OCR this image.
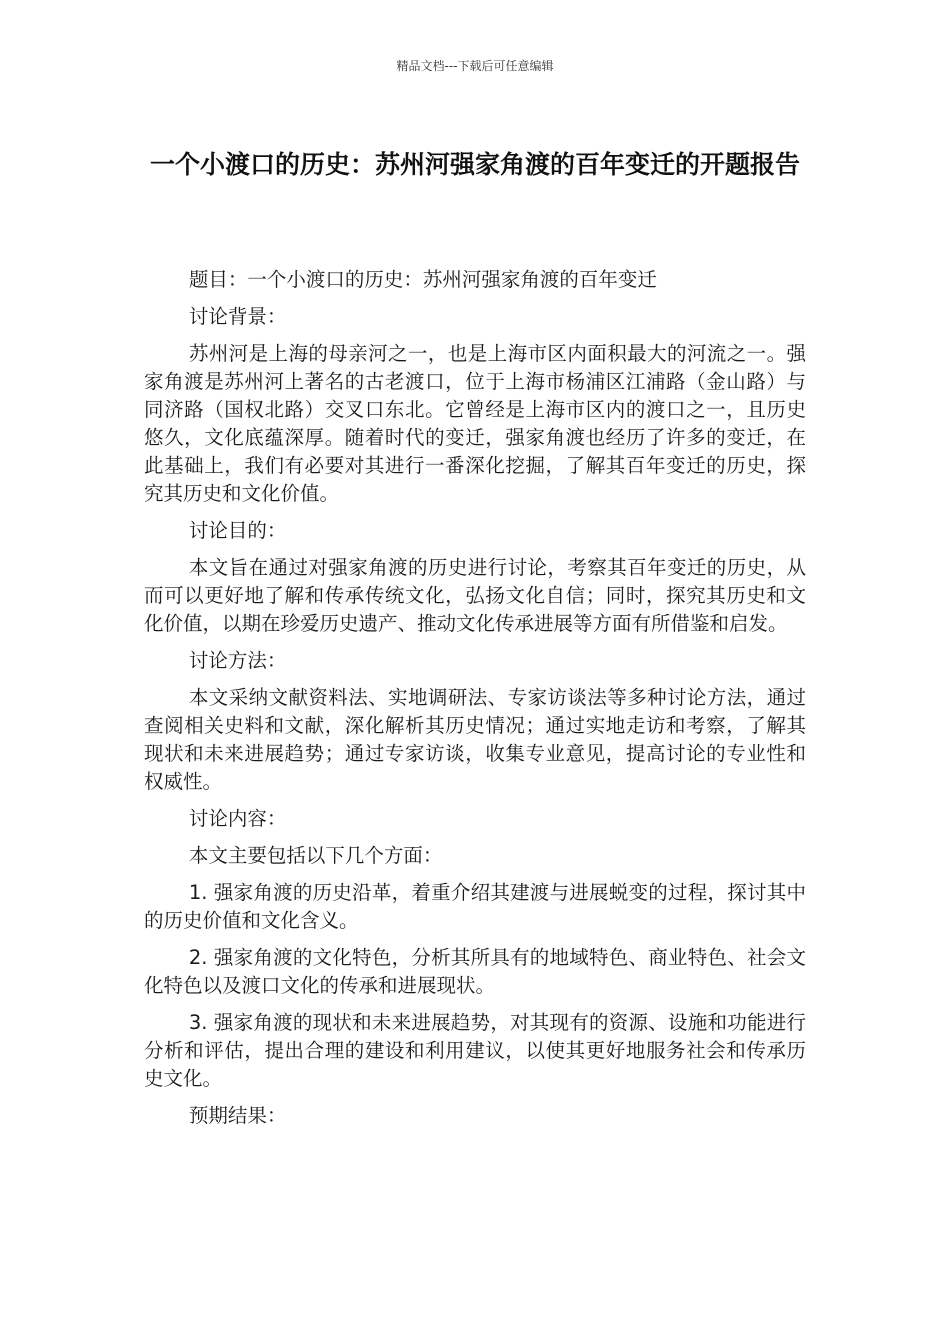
精品文档---下载后可任意编辑
一个小渡口的历史：苏州河强家角渡的百年变迁的开题报告

题目：一个小渡口的历史：苏州河强家角渡的百年变迁

讨论背景：

苏州河是上海的母亲河之一，也是上海市区内面积最大的河流之一。强家角渡是苏州河上著名的古老渡口，位于上海市杨浦区江浦路（金山路）与同济路（国权北路）交叉口东北。它曾经是上海市区内的渡口之一，且历史悠久，文化底蕴深厚。随着时代的变迁，强家角渡也经历了许多的变迁，在此基础上，我们有必要对其进行一番深化挖掘，了解其百年变迁的历史，探究其历史和文化价值。

讨论目的：

本文旨在通过对强家角渡的历史进行讨论，考察其百年变迁的历史，从而可以更好地了解和传承传统文化，弘扬文化自信；同时，探究其历史和文化价值，以期在珍爱历史遗产、推动文化传承进展等方面有所借鉴和启发。

讨论方法：

本文采纳文献资料法、实地调研法、专家访谈法等多种讨论方法，通过查阅相关史料和文献，深化解析其历史情况；通过实地走访和考察，了解其现状和未来进展趋势；通过专家访谈，收集专业意见，提高讨论的专业性和权威性。

讨论内容：

本文主要包括以下几个方面：

1. 强家角渡的历史沿革，着重介绍其建渡与进展蜕变的过程，探讨其中的历史价值和文化含义。

2. 强家角渡的文化特色，分析其所具有的地域特色、商业特色、社会文化特色以及渡口文化的传承和进展现状。

3. 强家角渡的现状和未来进展趋势，对其现有的资源、设施和功能进行分析和评估，提出合理的建设和利用建议，以使其更好地服务社会和传承历史文化。

预期结果：
